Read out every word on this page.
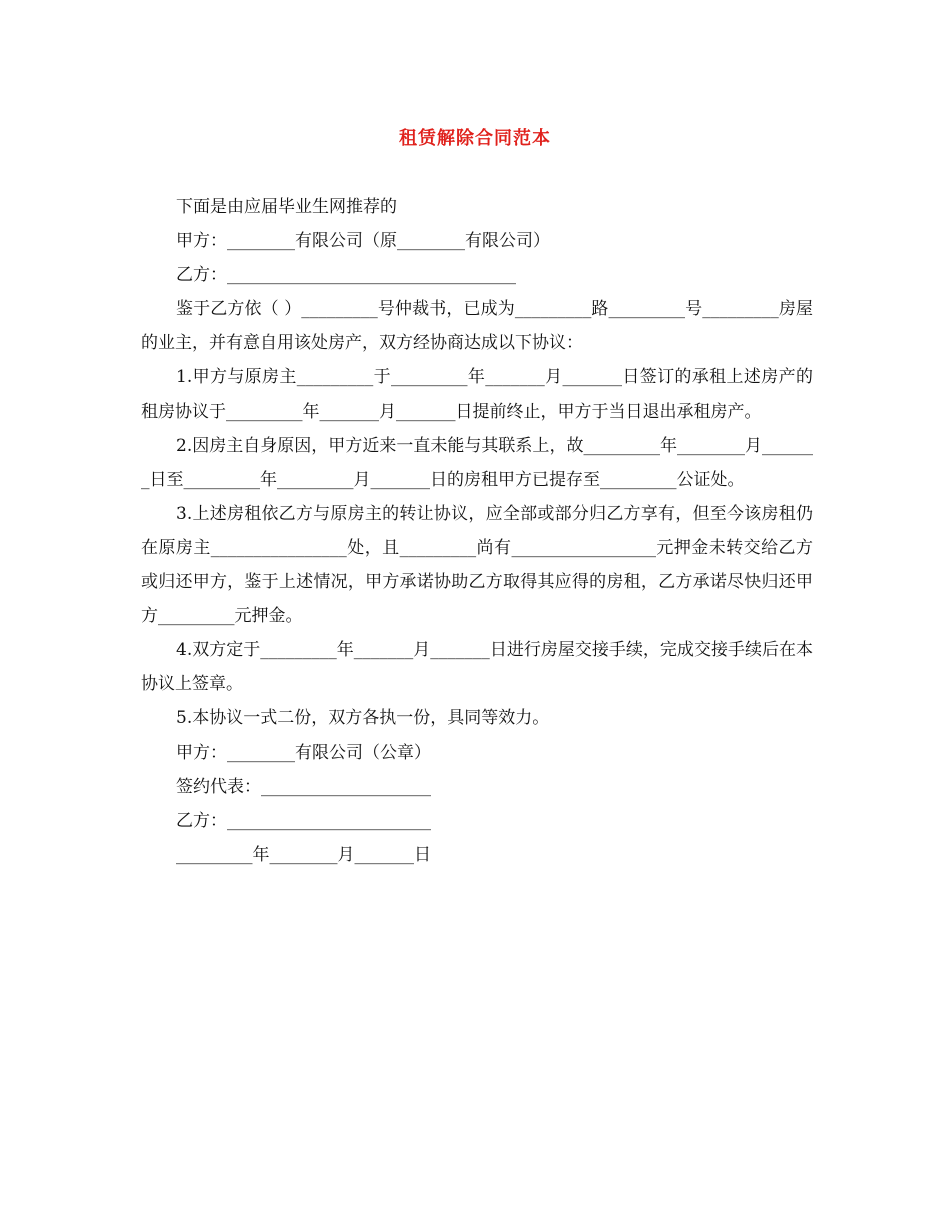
租赁解除合同范本

下面是由应届毕业生网推荐的

甲方：________有限公司（原________有限公司）

乙方：__________________________________

鉴于乙方依（ ）_________号仲裁书，已成为_________路_________号_________房屋的业主，并有意自用该处房产，双方经协商达成以下协议：

1.甲方与原房主_________于_________年_______月_______日签订的承租上述房产的租房协议于_________年_______月_______日提前终止，甲方于当日退出承租房产。

2.因房主自身原因，甲方近来一直未能与其联系上，故_________年________月_______日至_________年_________月_______日的房租甲方已提存至_________公证处。

3.上述房租依乙方与原房主的转让协议，应全部或部分归乙方享有，但至今该房租仍在原房主________________处，且_________尚有_________________元押金未转交给乙方或归还甲方，鉴于上述情况，甲方承诺协助乙方取得其应得的房租，乙方承诺尽快归还甲方_________元押金。

4.双方定于_________年_______月_______日进行房屋交接手续，完成交接手续后在本协议上签章。

5.本协议一式二份，双方各执一份，具同等效力。

甲方：________有限公司（公章）

签约代表：____________________

乙方：________________________

_________年________月_______日
